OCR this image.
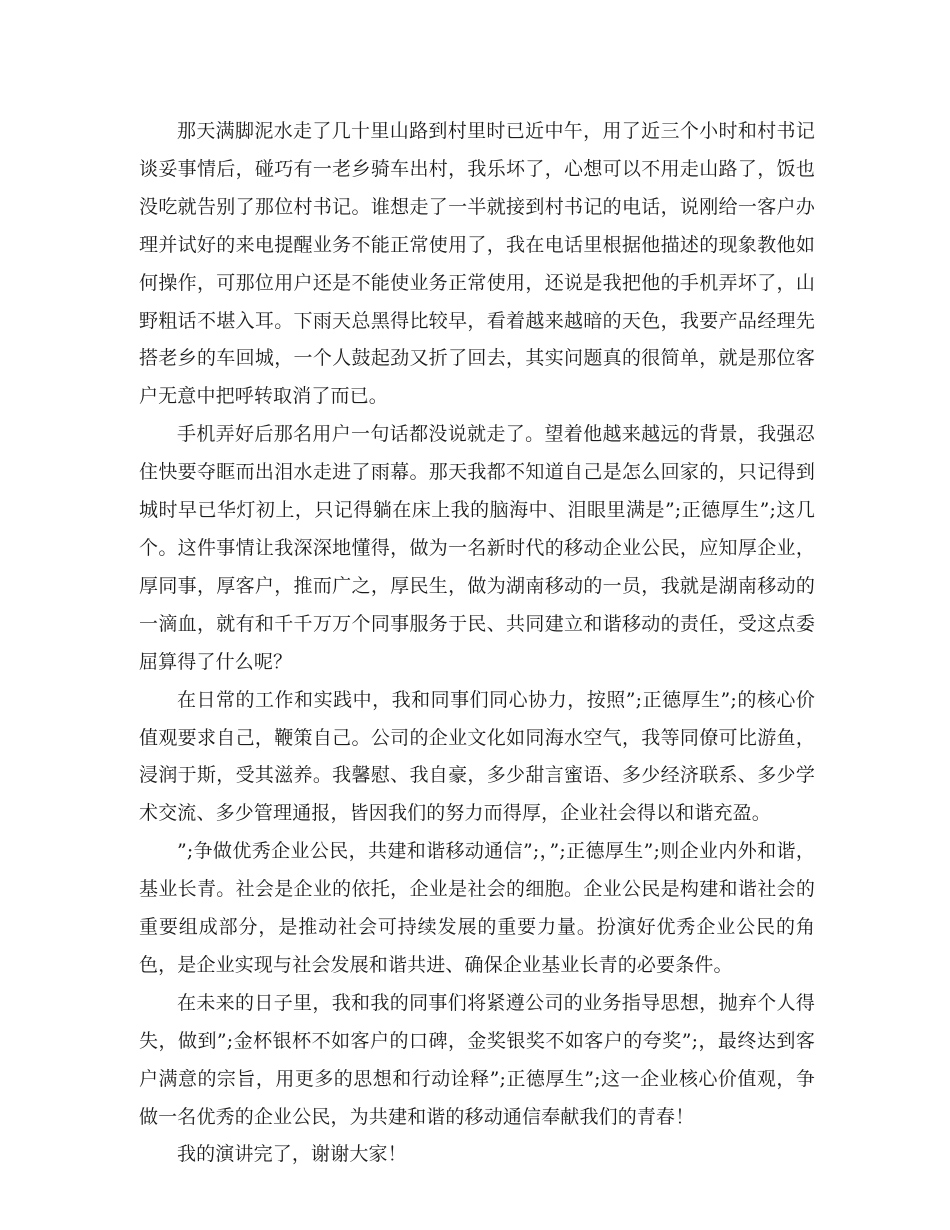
那天满脚泥水走了几十里山路到村里时已近中午，用了近三个小时和村书记谈妥事情后，碰巧有一老乡骑车出村，我乐坏了，心想可以不用走山路了，饭也没吃就告别了那位村书记。谁想走了一半就接到村书记的电话，说刚给一客户办理并试好的来电提醒业务不能正常使用了，我在电话里根据他描述的现象教他如何操作，可那位用户还是不能使业务正常使用，还说是我把他的手机弄坏了，山野粗话不堪入耳。下雨天总黑得比较早，看着越来越暗的天色，我要产品经理先搭老乡的车回城，一个人鼓起劲又折了回去，其实问题真的很简单，就是那位客户无意中把呼转取消了而已。

手机弄好后那名用户一句话都没说就走了。望着他越来越远的背景，我强忍住快要夺眶而出泪水走进了雨幕。那天我都不知道自己是怎么回家的，只记得到城时早已华灯初上，只记得躺在床上我的脑海中、泪眼里满是”;正德厚生”;这几个。这件事情让我深深地懂得，做为一名新时代的移动企业公民，应知厚企业，厚同事，厚客户，推而广之，厚民生，做为湖南移动的一员，我就是湖南移动的一滴血，就有和千千万万个同事服务于民、共同建立和谐移动的责任，受这点委屈算得了什么呢？

在日常的工作和实践中，我和同事们同心协力，按照”;正德厚生”;的核心价值观要求自己，鞭策自己。公司的企业文化如同海水空气，我等同僚可比游鱼，浸润于斯，受其滋养。我馨慰、我自豪，多少甜言蜜语、多少经济联系、多少学术交流、多少管理通报，皆因我们的努力而得厚，企业社会得以和谐充盈。

”;争做优秀企业公民，共建和谐移动通信”;，”;正德厚生”;则企业内外和谐，基业长青。社会是企业的依托，企业是社会的细胞。企业公民是构建和谐社会的重要组成部分，是推动社会可持续发展的重要力量。扮演好优秀企业公民的角色，是企业实现与社会发展和谐共进、确保企业基业长青的必要条件。

在未来的日子里，我和我的同事们将紧遵公司的业务指导思想，抛弃个人得失，做到”;金杯银杯不如客户的口碑，金奖银奖不如客户的夸奖”;，最终达到客户满意的宗旨，用更多的思想和行动诠释”;正德厚生”;这一企业核心价值观，争做一名优秀的企业公民，为共建和谐的移动通信奉献我们的青春！

我的演讲完了，谢谢大家！
